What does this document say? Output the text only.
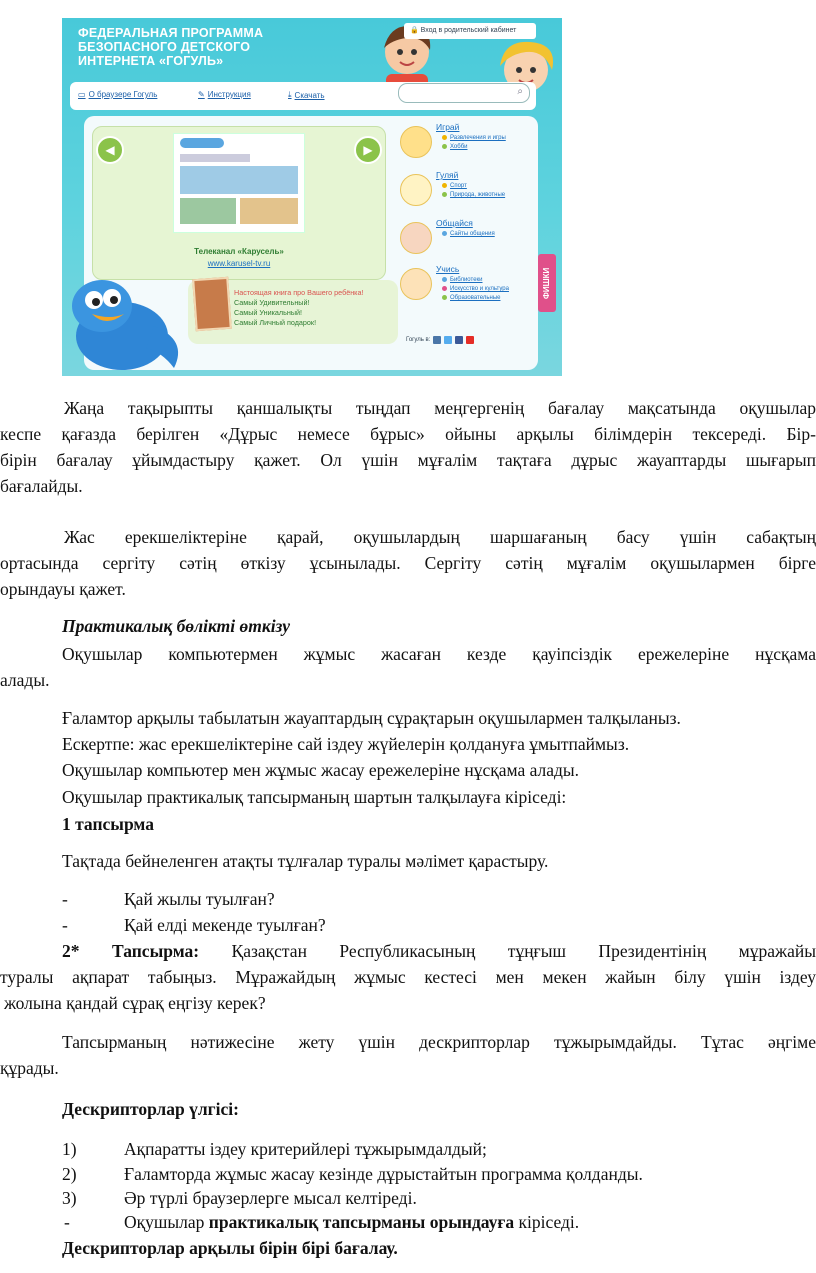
ФЕДЕРАЛЬНАЯ ПРОГРАММА
БЕЗОПАСНОГО ДЕТСКОГО
ИНТЕРНЕТА «ГОГУЛЬ»
🔒 Вход в родительский кабинет
▭ О браузере Гогуль	✎ Инструкция	⤓ Скачать	⌕
Телеканал «Карусель»
www.karusel-tv.ru
◀	▶
Настоящая книга про Вашего ребёнка!
Самый Удивительный!
Самый Уникальный!
Самый Личный подарок!
Играй
Развлечения и игры
Хобби
Гуляй
Спорт
Природа, животные
Общайся
Сайты общения
Учись
Библиотеки
Искусство и культура
Образовательные
Гогуль в:
ФИШКИ
Жаңа тақырыпты қаншалықты тыңдап меңгергенің бағалау мақсатында оқушылар
кеспе қағазда берілген «Дұрыс немесе бұрыс» ойыны арқылы білімдерін тексереді. Бір-
бірін бағалау ұйымдастыру қажет. Ол үшін мұғалім тақтаға дұрыс жауаптарды шығарып
бағалайды.
Жас ерекшеліктеріне қарай, оқушылардың шаршағаның басу үшін сабақтың
ортасында сергіту сәтің өткізу ұсынылады. Сергіту сәтің мұғалім оқушылармен бірге
орындауы қажет.
Практикалық бөлікті өткізу
Оқушылар компьютермен жұмыс жасаған кезде қауіпсіздік ережелеріне нұсқама
алады.
Ғаламтор арқылы табылатын жауаптардың сұрақтарын оқушылармен талқыланыз.
Ескертпе: жас ерекшеліктеріне сай іздеу жүйелерін қолдануға ұмытпаймыз.
Оқушылар компьютер мен жұмыс жасау ережелеріне нұсқама алады.
Оқушылар практикалық тапсырманың шартын талқылауға кіріседі:
1 тапсырма
Тақтада бейнеленген атақты тұлғалар туралы мәлімет қарастыру.
-	Қай жылы туылған?
-	Қай елді мекенде туылған?
2* Тапсырма: Қазақстан Республикасының тұңғыш Президентінің мұражайы
туралы ақпарат табыңыз. Мұражайдың жұмыс кестесі мен мекен жайын білу үшін іздеу
жолына қандай сұрақ еңгізу керек?
Тапсырманың нәтижесіне жету үшін дескрипторлар тұжырымдайды. Тұтас әңгіме
құрады.
Дескрипторлар үлгісі:
1)	Ақпаратты іздеу критерийлері тұжырымдалдый;
2)	Ғаламторда жұмыс жасау кезінде дұрыстайтын программа қолданды.
3)	Әр түрлі браузерлерге мысал келтіреді.
-	Оқушылар практикалық тапсырманы орындауға кіріседі.
Дескрипторлар арқылы бірін бірі бағалау.
